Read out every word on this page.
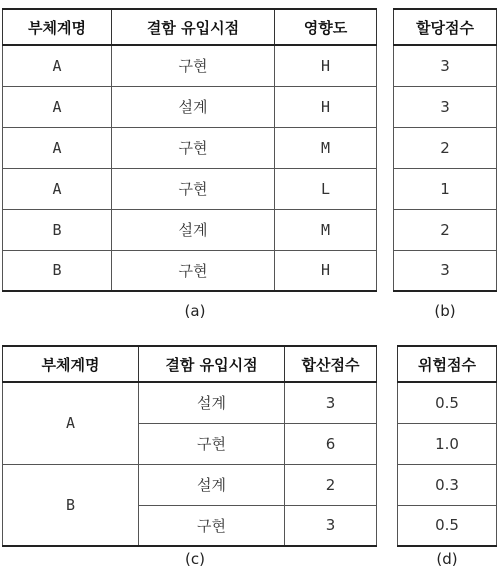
부체계명	결함 유입시점	영향도
A	구현	H
A	설계	H
A	구현	M
A	구현	L
B	설계	M
B	구현	H
(a)
할당점수
3
3
2
1
2
3
(b)
부체계명	결함 유입시점	합산점수
A	설계	3
	구현	6
B	설계	2
	구현	3
(c)
위험점수
0.5
1.0
0.3
0.5
(d)
